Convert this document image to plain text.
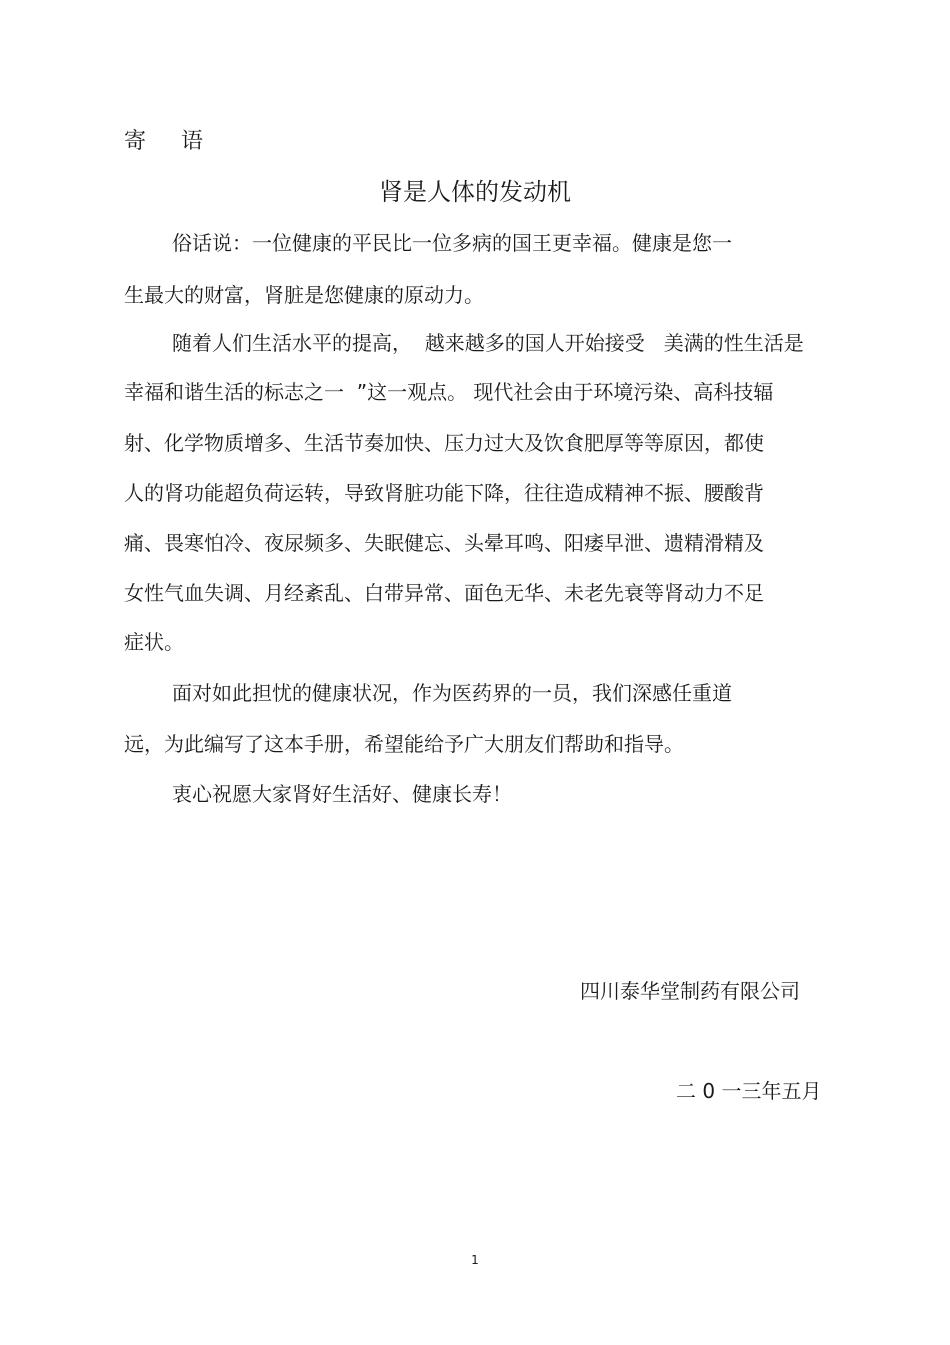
寄     语
肾是人体的发动机

俗话说：一位健康的平民比一位多病的国王更幸福。健康是您一

生最大的财富，肾脏是您健康的原动力。

随着人们生活水平的提高，  越来越多的国人开始接受   美满的性生活是

幸福和谐生活的标志之一  ”这一观点。 现代社会由于环境污染、高科技辐

射、化学物质增多、生活节奏加快、压力过大及饮食肥厚等等原因，都使

人的肾功能超负荷运转，导致肾脏功能下降，往往造成精神不振、腰酸背

痛、畏寒怕冷、夜尿频多、失眠健忘、头晕耳鸣、阳痿早泄、遗精滑精及

女性气血失调、月经紊乱、白带异常、面色无华、未老先衰等肾动力不足

症状。

面对如此担忧的健康状况，作为医药界的一员，我们深感任重道

远，为此编写了这本手册，希望能给予广大朋友们帮助和指导。

衷心祝愿大家肾好生活好、健康长寿！

四川泰华堂制药有限公司
二 0 一三年五月
1
